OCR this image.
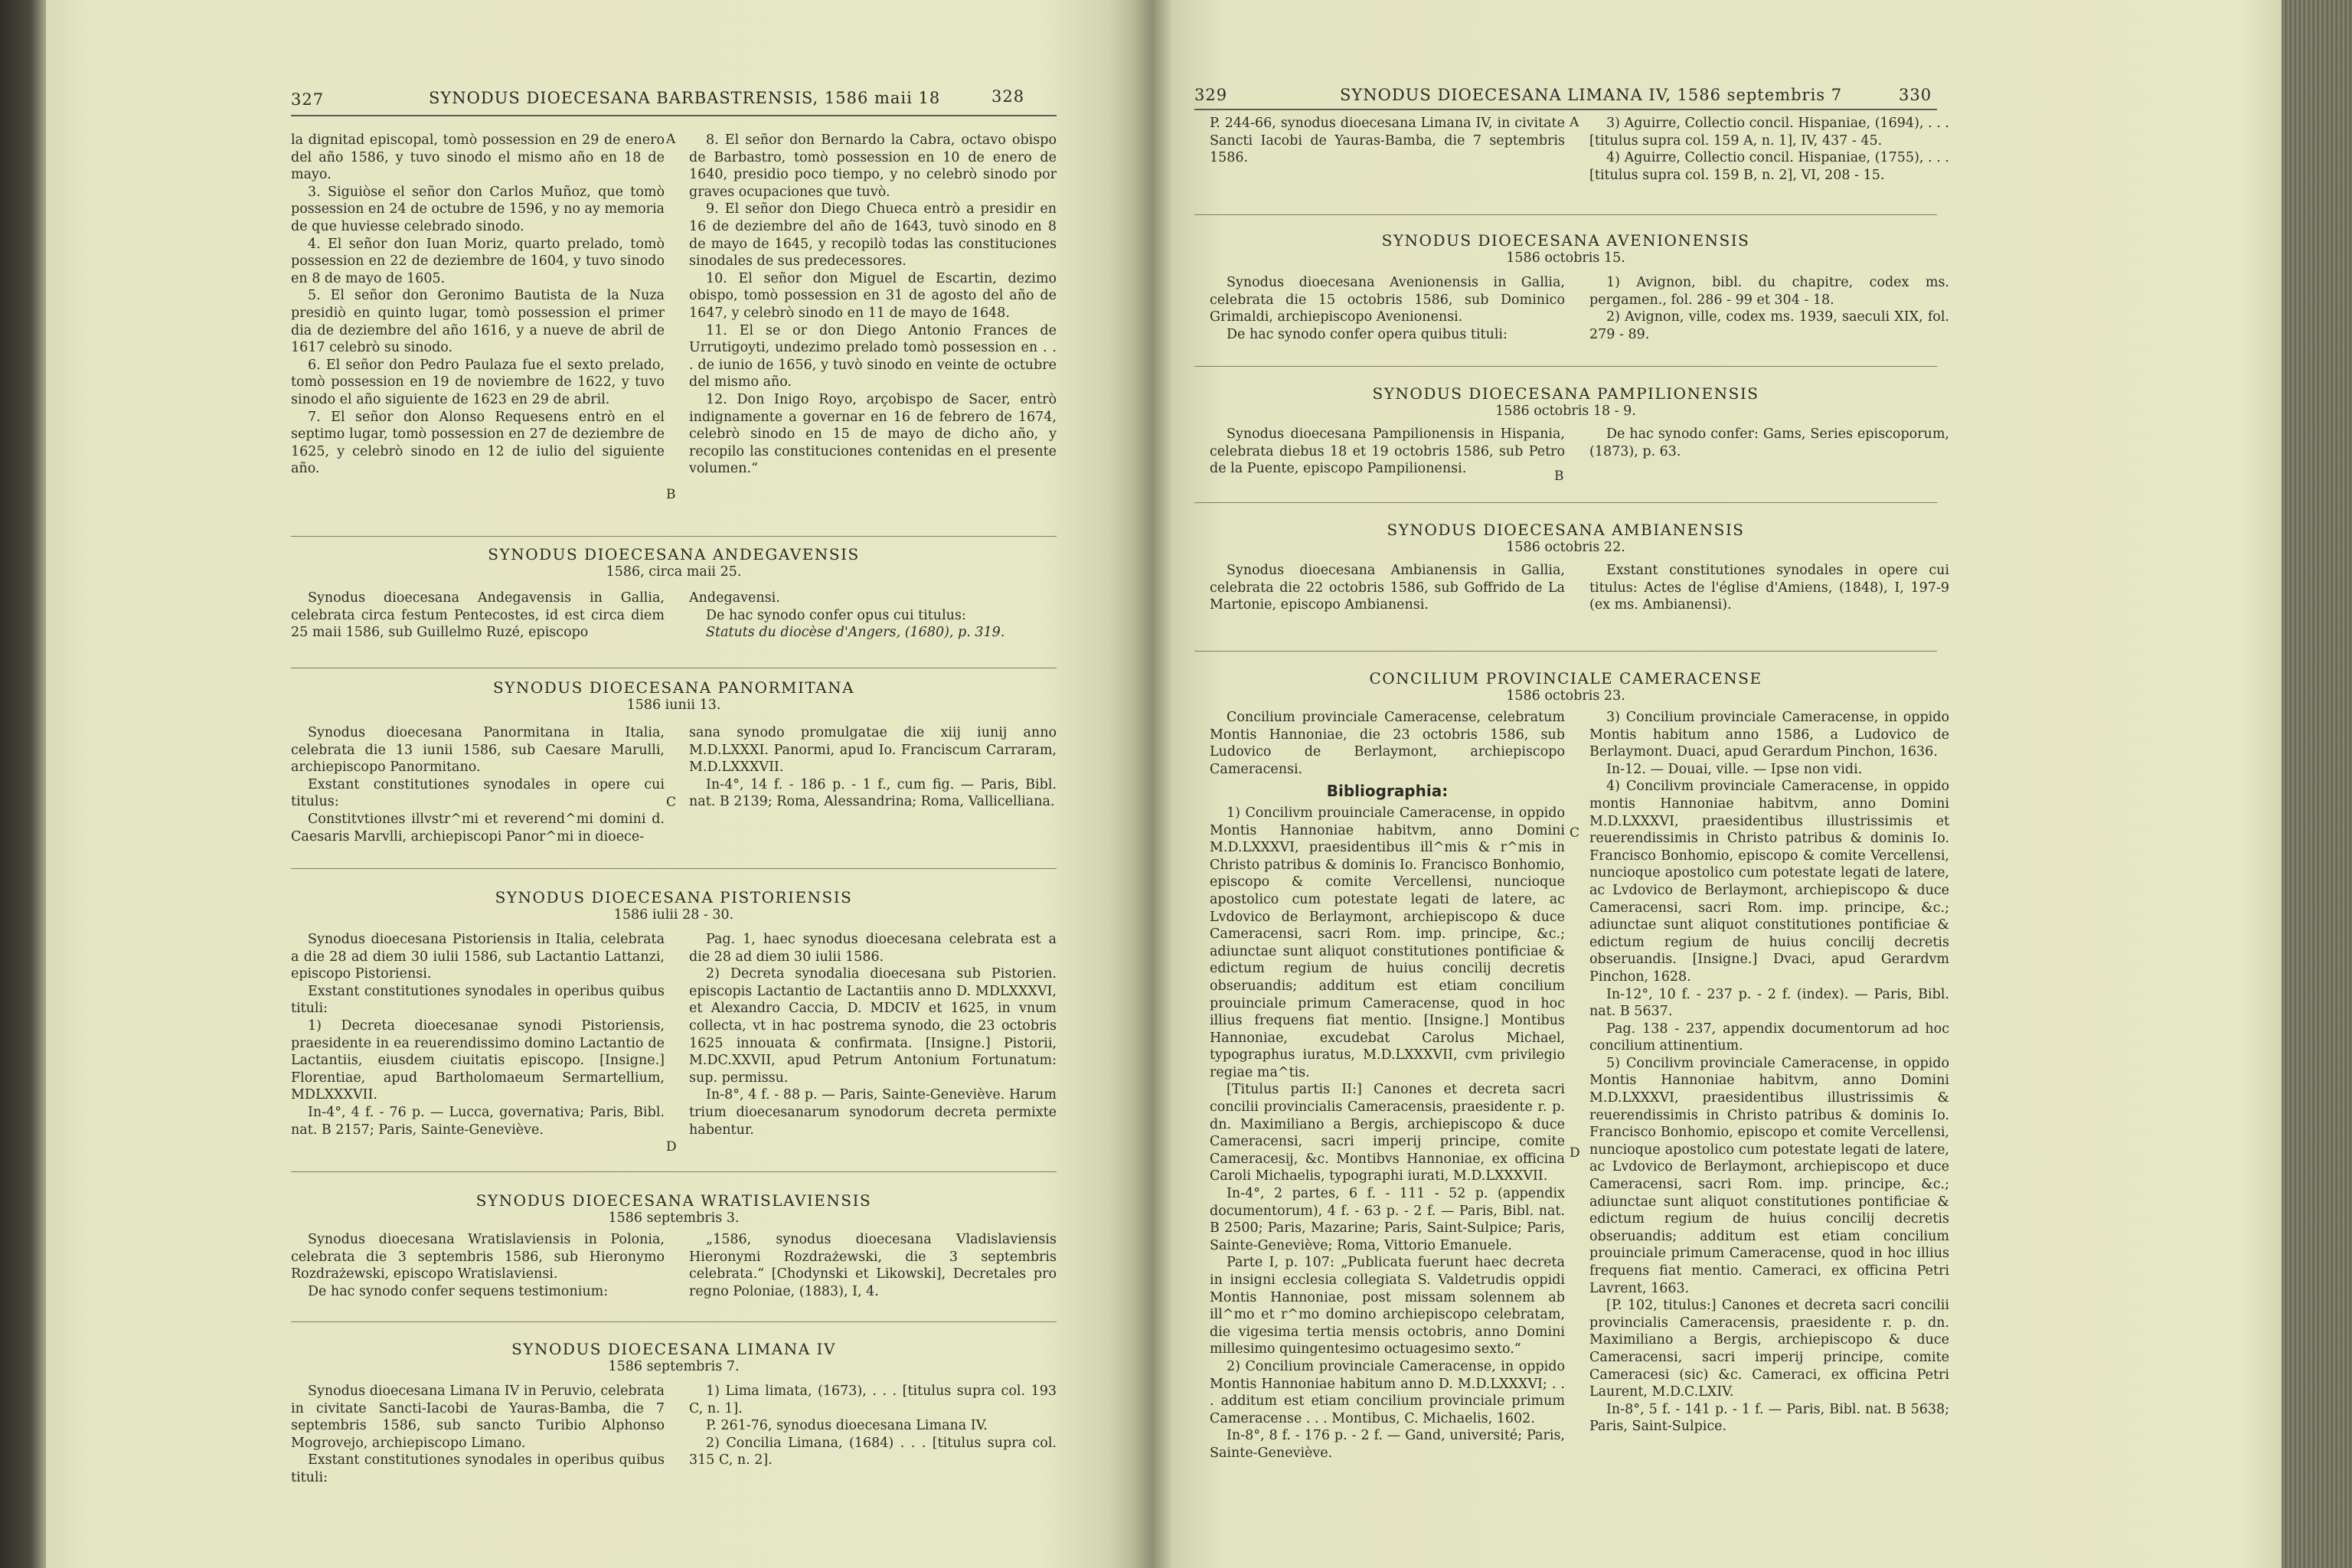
327	SYNODUS DIOECESANA BARBASTRENSIS, 1586 maii 18	328

la dignitad episcopal, tomò possession en 29 de enero del año 1586, y tuvo sinodo el mismo año en 18 de mayo.

3. Siguiòse el señor don Carlos Muñoz, que tomò possession en 24 de octubre de 1596, y no ay memoria de que huviesse celebrado sinodo.

4. El señor don Iuan Moriz, quarto prelado, tomò possession en 22 de deziembre de 1604, y tuvo sinodo en 8 de mayo de 1605.

5. El señor don Geronimo Bautista de la Nuza presidiò en quinto lugar, tomò possession el primer dia de deziembre del año 1616, y a nueve de abril de 1617 celebrò su sinodo.

6. El señor don Pedro Paulaza fue el sexto prelado, tomò possession en 19 de noviembre de 1622, y tuvo sinodo el año siguiente de 1623 en 29 de abril.

7. El señor don Alonso Requesens entrò en el septimo lugar, tomò possession en 27 de deziembre de 1625, y celebrò sinodo en 12 de iulio del siguiente año.

8. El señor don Bernardo la Cabra, octavo obispo de Barbastro, tomò possession en 10 de enero de 1640, presidio poco tiempo, y no celebrò sinodo por graves ocupaciones que tuvò.

9. El señor don Diego Chueca entrò a presidir en 16 de deziembre del año de 1643, tuvò sinodo en 8 de mayo de 1645, y recopilò todas las constituciones sinodales de sus predecessores.

10. El señor don Miguel de Escartin, dezimo obispo, tomò possession en 31 de agosto del año de 1647, y celebrò sinodo en 11 de mayo de 1648.

11. El se or don Diego Antonio Frances de Urrutigoyti, undezimo prelado tomò possession en . . . de iunio de 1656, y tuvò sinodo en veinte de octubre del mismo año.

12. Don Inigo Royo, arçobispo de Sacer, entrò indignamente a governar en 16 de febrero de 1674, celebrò sinodo en 15 de mayo de dicho año, y recopilo las constituciones contenidas en el presente volumen.“

A
B
SYNODUS DIOECESANA ANDEGAVENSIS
1586, circa maii 25.

Synodus dioecesana Andegavensis in Gallia, celebrata circa festum Pentecostes, id est circa diem 25 maii 1586, sub Guillelmo Ruzé, episcopo

Andegavensi.

De hac synodo confer opus cui titulus:

Statuts du diocèse d'Angers, (1680), p. 319.

SYNODUS DIOECESANA PANORMITANA
1586 iunii 13.

Synodus dioecesana Panormitana in Italia, celebrata die 13 iunii 1586, sub Caesare Marulli, archiepiscopo Panormitano.

Exstant constitutiones synodales in opere cui titulus:

Constitvtiones illvstr^mi et reverend^mi domini d. Caesaris Marvlli, archiepiscopi Panor^mi in dioece-

sana synodo promulgatae die xiij iunij anno M.D.LXXXI. Panormi, apud Io. Franciscum Carraram, M.D.LXXXVII.

In-4°, 14 f. - 186 p. - 1 f., cum fig. — Paris, Bibl. nat. B 2139; Roma, Alessandrina; Roma, Vallicelliana.

C
SYNODUS DIOECESANA PISTORIENSIS
1586 iulii 28 - 30.

Synodus dioecesana Pistoriensis in Italia, celebrata a die 28 ad diem 30 iulii 1586, sub Lactantio Lattanzi, episcopo Pistoriensi.

Exstant constitutiones synodales in operibus quibus tituli:

1) Decreta dioecesanae synodi Pistoriensis, praesidente in ea reuerendissimo domino Lactantio de Lactantiis, eiusdem ciuitatis episcopo. [Insigne.] Florentiae, apud Bartholomaeum Sermartellium, MDLXXXVII.

In-4°, 4 f. - 76 p. — Lucca, governativa; Paris, Bibl. nat. B 2157; Paris, Sainte-Geneviève.

Pag. 1, haec synodus dioecesana celebrata est a die 28 ad diem 30 iulii 1586.

2) Decreta synodalia dioecesana sub Pistorien. episcopis Lactantio de Lactantiis anno D. MDLXXXVI, et Alexandro Caccia, D. MDCIV et 1625, in vnum collecta, vt in hac postrema synodo, die 23 octobris 1625 innouata & confirmata. [Insigne.] Pistorii, M.DC.XXVII, apud Petrum Antonium Fortunatum: sup. permissu.

In-8°, 4 f. - 88 p. — Paris, Sainte-Geneviève. Harum trium dioecesanarum synodorum decreta permixte habentur.

D
SYNODUS DIOECESANA WRATISLAVIENSIS
1586 septembris 3.

Synodus dioecesana Wratislaviensis in Polonia, celebrata die 3 septembris 1586, sub Hieronymo Rozdrażewski, episcopo Wratislaviensi.

De hac synodo confer sequens testimonium:

„1586, synodus dioecesana Vladislaviensis Hieronymi Rozdrażewski, die 3 septembris celebrata.“ [Chodynski et Likowski], Decretales pro regno Poloniae, (1883), I, 4.

SYNODUS DIOECESANA LIMANA IV
1586 septembris 7.

Synodus dioecesana Limana IV in Peruvio, celebrata in civitate Sancti-Iacobi de Yauras-Bamba, die 7 septembris 1586, sub sancto Turibio Alphonso Mogrovejo, archiepiscopo Limano.

Exstant constitutiones synodales in operibus quibus tituli:

1) Lima limata, (1673), . . . [titulus supra col. 193 C, n. 1].

P. 261-76, synodus dioecesana Limana IV.

2) Concilia Limana, (1684) . . . [titulus supra col. 315 C, n. 2].

329	SYNODUS DIOECESANA LIMANA IV, 1586 septembris 7	330

P. 244-66, synodus dioecesana Limana IV, in civitate Sancti Iacobi de Yauras-Bamba, die 7 septembris 1586.

3) Aguirre, Collectio concil. Hispaniae, (1694), . . . [titulus supra col. 159 A, n. 1], IV, 437 - 45.

4) Aguirre, Collectio concil. Hispaniae, (1755), . . . [titulus supra col. 159 B, n. 2], VI, 208 - 15.

A
SYNODUS DIOECESANA AVENIONENSIS
1586 octobris 15.

Synodus dioecesana Avenionensis in Gallia, celebrata die 15 octobris 1586, sub Dominico Grimaldi, archiepiscopo Avenionensi.

De hac synodo confer opera quibus tituli:

1) Avignon, bibl. du chapitre, codex ms. pergamen., fol. 286 - 99 et 304 - 18.

2) Avignon, ville, codex ms. 1939, saeculi XIX, fol. 279 - 89.

SYNODUS DIOECESANA PAMPILIONENSIS
1586 octobris 18 - 9.

Synodus dioecesana Pampilionensis in Hispania, celebrata diebus 18 et 19 octobris 1586, sub Petro de la Puente, episcopo Pampilionensi.

De hac synodo confer: Gams, Series episcoporum, (1873), p. 63.

B
SYNODUS DIOECESANA AMBIANENSIS
1586 octobris 22.

Synodus dioecesana Ambianensis in Gallia, celebrata die 22 octobris 1586, sub Goffrido de La Martonie, episcopo Ambianensi.

Exstant constitutiones synodales in opere cui titulus: Actes de l'église d'Amiens, (1848), I, 197-9 (ex ms. Ambianensi).

CONCILIUM PROVINCIALE CAMERACENSE
1586 octobris 23.

Concilium provinciale Cameracense, celebratum Montis Hannoniae, die 23 octobris 1586, sub Ludovico de Berlaymont, archiepiscopo Cameracensi.

Bibliographia:

1) Concilivm prouinciale Cameracense, in oppido Montis Hannoniae habitvm, anno Domini M.D.LXXXVI, praesidentibus ill^mis & r^mis in Christo patribus & dominis Io. Francisco Bonhomio, episcopo & comite Vercellensi, nuncioque apostolico cum potestate legati de latere, ac Lvdovico de Berlaymont, archiepiscopo & duce Cameracensi, sacri Rom. imp. principe, &c.; adiunctae sunt aliquot constitutiones pontificiae & edictum regium de huius concilij decretis obseruandis; additum est etiam concilium prouinciale primum Cameracense, quod in hoc illius frequens fiat mentio. [Insigne.] Montibus Hannoniae, excudebat Carolus Michael, typographus iuratus, M.D.LXXXVII, cvm privilegio regiae ma^tis.

[Titulus partis II:] Canones et decreta sacri concilii provincialis Cameracensis, praesidente r. p. dn. Maximiliano a Bergis, archiepiscopo & duce Cameracensi, sacri imperij principe, comite Cameracesij, &c. Montibvs Hannoniae, ex officina Caroli Michaelis, typographi iurati, M.D.LXXXVII.

In-4°, 2 partes, 6 f. - 111 - 52 p. (appendix documentorum), 4 f. - 63 p. - 2 f. — Paris, Bibl. nat. B 2500; Paris, Mazarine; Paris, Saint-Sulpice; Paris, Sainte-Geneviève; Roma, Vittorio Emanuele.

Parte I, p. 107: „Publicata fuerunt haec decreta in insigni ecclesia collegiata S. Valdetrudis oppidi Montis Hannoniae, post missam solennem ab ill^mo et r^mo domino archiepiscopo celebratam, die vigesima tertia mensis octobris, anno Domini millesimo quingentesimo octuagesimo sexto.“

2) Concilium provinciale Cameracense, in oppido Montis Hannoniae habitum anno D. M.D.LXXXVI; . . . additum est etiam concilium provinciale primum Cameracense . . . Montibus, C. Michaelis, 1602.

In-8°, 8 f. - 176 p. - 2 f. — Gand, université; Paris, Sainte-Geneviève.

3) Concilium provinciale Cameracense, in oppido Montis habitum anno 1586, a Ludovico de Berlaymont. Duaci, apud Gerardum Pinchon, 1636.

In-12. — Douai, ville. — Ipse non vidi.

4) Concilivm provinciale Cameracense, in oppido montis Hannoniae habitvm, anno Domini M.D.LXXXVI, praesidentibus illustrissimis et reuerendissimis in Christo patribus & dominis Io. Francisco Bonhomio, episcopo & comite Vercellensi, nuncioque apostolico cum potestate legati de latere, ac Lvdovico de Berlaymont, archiepiscopo & duce Cameracensi, sacri Rom. imp. principe, &c.; adiunctae sunt aliquot constitutiones pontificiae & edictum regium de huius concilij decretis obseruandis. [Insigne.] Dvaci, apud Gerardvm Pinchon, 1628.

In-12°, 10 f. - 237 p. - 2 f. (index). — Paris, Bibl. nat. B 5637.

Pag. 138 - 237, appendix documentorum ad hoc concilium attinentium.

5) Concilivm provinciale Cameracense, in oppido Montis Hannoniae habitvm, anno Domini M.D.LXXXVI, praesidentibus illustrissimis & reuerendissimis in Christo patribus & dominis Io. Francisco Bonhomio, episcopo et comite Vercellensi, nuncioque apostolico cum potestate legati de latere, ac Lvdovico de Berlaymont, archiepiscopo et duce Cameracensi, sacri Rom. imp. principe, &c.; adiunctae sunt aliquot constitutiones pontificiae & edictum regium de huius concilij decretis obseruandis; additum est etiam concilium prouinciale primum Cameracense, quod in hoc illius frequens fiat mentio. Cameraci, ex officina Petri Lavrent, 1663.

[P. 102, titulus:] Canones et decreta sacri concilii provincialis Cameracensis, praesidente r. p. dn. Maximiliano a Bergis, archiepiscopo & duce Cameracensi, sacri imperij principe, comite Cameracesi (sic) &c. Cameraci, ex officina Petri Laurent, M.D.C.LXIV.

In-8°, 5 f. - 141 p. - 1 f. — Paris, Bibl. nat. B 5638; Paris, Saint-Sulpice.

C
D
